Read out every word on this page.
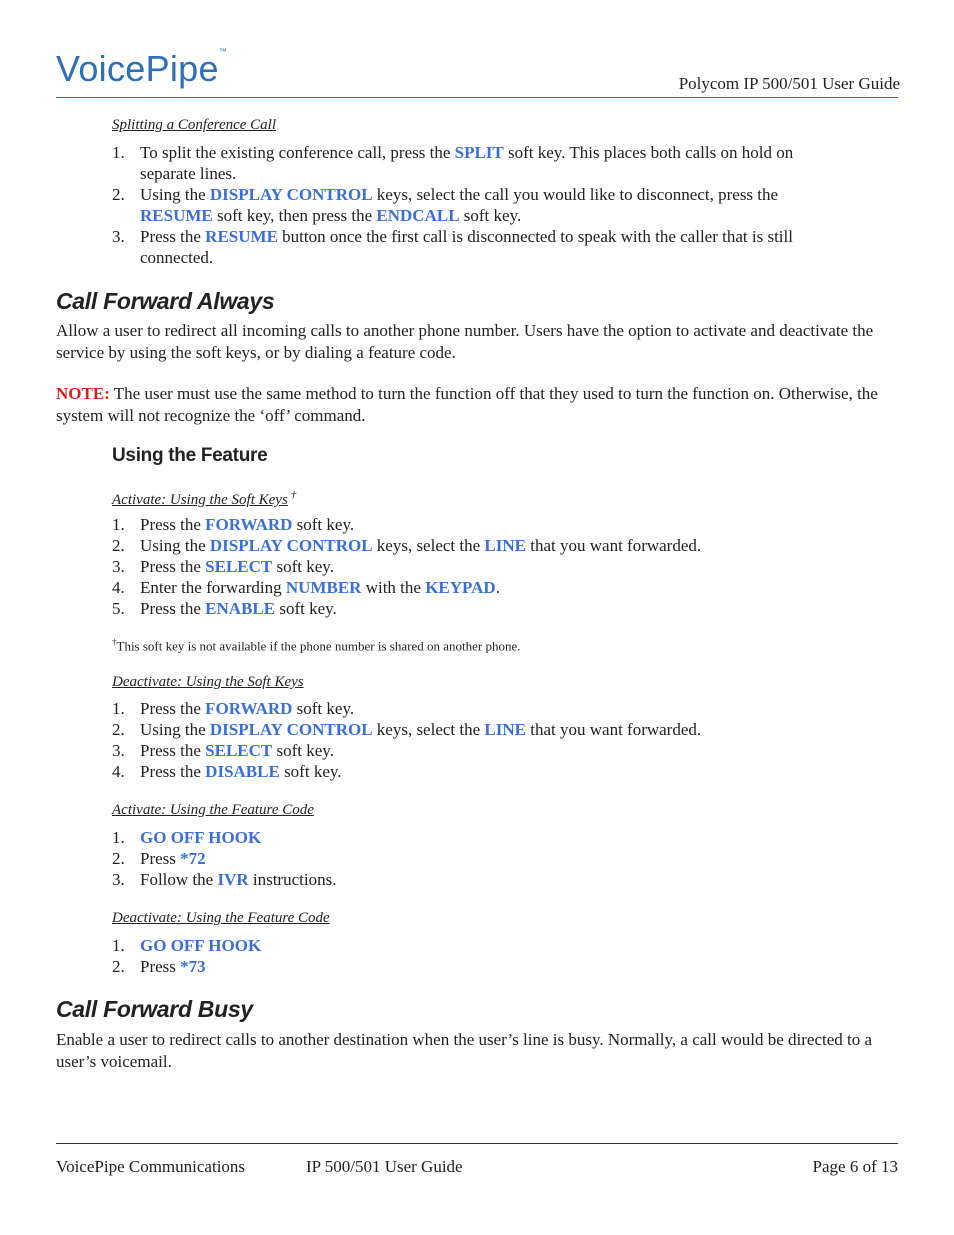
VoicePipe™
Polycom IP 500/501 User Guide
Splitting a Conference Call
1. To split the existing conference call, press the SPLIT soft key. This places both calls on hold on separate lines.
2. Using the DISPLAY CONTROL keys, select the call you would like to disconnect, press the RESUME soft key, then press the ENDCALL soft key.
3. Press the RESUME button once the first call is disconnected to speak with the caller that is still connected.
Call Forward Always
Allow a user to redirect all incoming calls to another phone number. Users have the option to activate and deactivate the service by using the soft keys, or by dialing a feature code.
NOTE: The user must use the same method to turn the function off that they used to turn the function on. Otherwise, the system will not recognize the ‘off’ command.
Using the Feature
Activate: Using the Soft Keys †
1. Press the FORWARD soft key.
2. Using the DISPLAY CONTROL keys, select the LINE that you want forwarded.
3. Press the SELECT soft key.
4. Enter the forwarding NUMBER with the KEYPAD.
5. Press the ENABLE soft key.
†This soft key is not available if the phone number is shared on another phone.
Deactivate: Using the Soft Keys
1. Press the FORWARD soft key.
2. Using the DISPLAY CONTROL keys, select the LINE that you want forwarded.
3. Press the SELECT soft key.
4. Press the DISABLE soft key.
Activate: Using the Feature Code
1. GO OFF HOOK
2. Press *72
3. Follow the IVR instructions.
Deactivate: Using the Feature Code
1. GO OFF HOOK
2. Press *73
Call Forward Busy
Enable a user to redirect calls to another destination when the user’s line is busy. Normally, a call would be directed to a user’s voicemail.
VoicePipe Communications	IP 500/501 User Guide	Page 6 of 13
